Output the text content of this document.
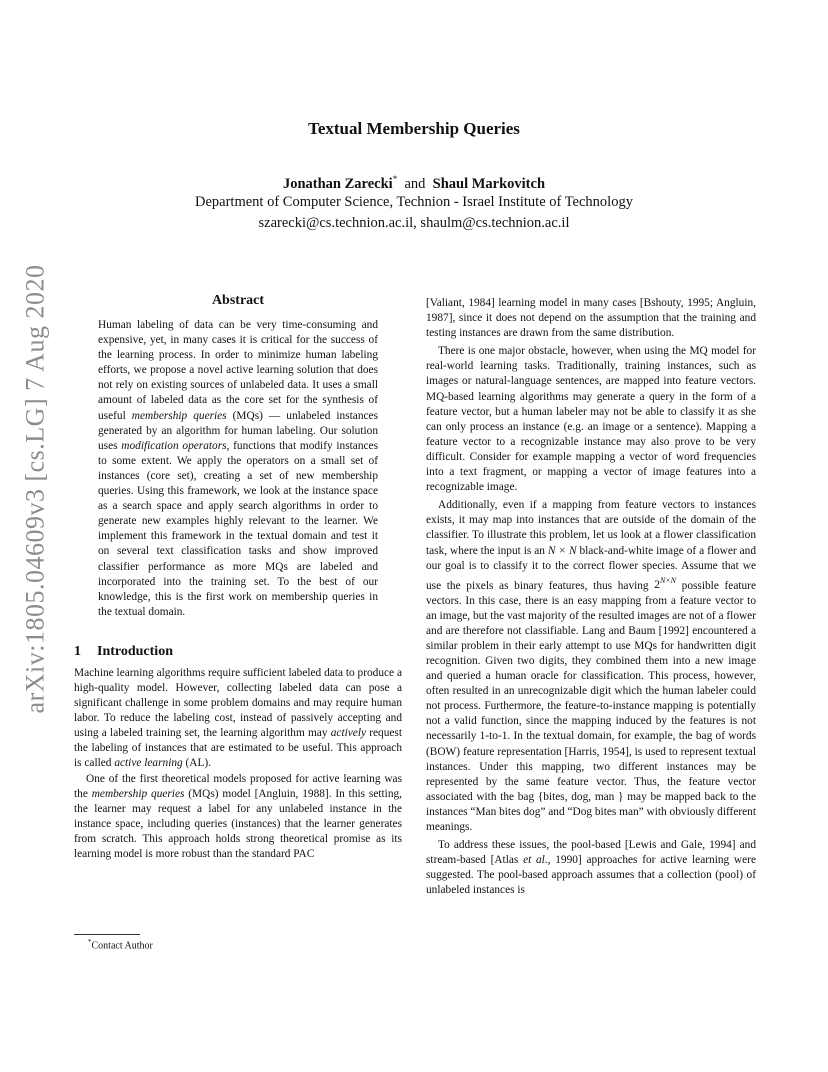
arXiv:1805.04609v3 [cs.LG] 7 Aug 2020
Textual Membership Queries
Jonathan Zarecki* and Shaul Markovitch
Department of Computer Science, Technion - Israel Institute of Technology
szarecki@cs.technion.ac.il, shaulm@cs.technion.ac.il
Abstract

Human labeling of data can be very time-consuming and expensive, yet, in many cases it is critical for the success of the learning process. In order to minimize human labeling efforts, we propose a novel active learning solution that does not rely on existing sources of unlabeled data. It uses a small amount of labeled data as the core set for the synthesis of useful membership queries (MQs) — unlabeled instances generated by an algorithm for human labeling. Our solution uses modification operators, functions that modify instances to some extent. We apply the operators on a small set of instances (core set), creating a set of new membership queries. Using this framework, we look at the instance space as a search space and apply search algorithms in order to generate new examples highly relevant to the learner. We implement this framework in the textual domain and test it on several text classification tasks and show improved classifier performance as more MQs are labeled and incorporated into the training set. To the best of our knowledge, this is the first work on membership queries in the textual domain.

1 Introduction

Machine learning algorithms require sufficient labeled data to produce a high-quality model. However, collecting labeled data can pose a significant challenge in some problem domains and may require human labor. To reduce the labeling cost, instead of passively accepting and using a labeled training set, the learning algorithm may actively request the labeling of instances that are estimated to be useful. This approach is called active learning (AL).

One of the first theoretical models proposed for active learning was the membership queries (MQs) model [Angluin, 1988]. In this setting, the learner may request a label for any unlabeled instance in the instance space, including queries (instances) that the learner generates from scratch. This approach holds strong theoretical promise as its learning model is more robust than the standard PAC

[Valiant, 1984] learning model in many cases [Bshouty, 1995; Angluin, 1987], since it does not depend on the assumption that the training and testing instances are drawn from the same distribution.

There is one major obstacle, however, when using the MQ model for real-world learning tasks. Traditionally, training instances, such as images or natural-language sentences, are mapped into feature vectors. MQ-based learning algorithms may generate a query in the form of a feature vector, but a human labeler may not be able to classify it as she can only process an instance (e.g. an image or a sentence). Mapping a feature vector to a recognizable instance may also prove to be very difficult. Consider for example mapping a vector of word frequencies into a text fragment, or mapping a vector of image features into a recognizable image.

Additionally, even if a mapping from feature vectors to instances exists, it may map into instances that are outside of the domain of the classifier. To illustrate this problem, let us look at a flower classification task, where the input is an N × N black-and-white image of a flower and our goal is to classify it to the correct flower species. Assume that we use the pixels as binary features, thus having $2^{N\times N}$ possible feature vectors. In this case, there is an easy mapping from a feature vector to an image, but the vast majority of the resulted images are not of a flower and are therefore not classifiable. Lang and Baum [1992] encountered a similar problem in their early attempt to use MQs for handwritten digit recognition. Given two digits, they combined them into a new image and queried a human oracle for classification. This process, however, often resulted in an unrecognizable digit which the human labeler could not process. Furthermore, the feature-to-instance mapping is potentially not a valid function, since the mapping induced by the features is not necessarily 1-to-1. In the textual domain, for example, the bag of words (BOW) feature representation [Harris, 1954], is used to represent textual instances. Under this mapping, two different instances may be represented by the same feature vector. Thus, the feature vector associated with the bag {bites, dog, man } may be mapped back to the instances “Man bites dog” and “Dog bites man” with obviously different meanings.

To address these issues, the pool-based [Lewis and Gale, 1994] and stream-based [Atlas et al., 1990] approaches for active learning were suggested. The pool-based approach assumes that a collection (pool) of unlabeled instances is

*Contact Author
